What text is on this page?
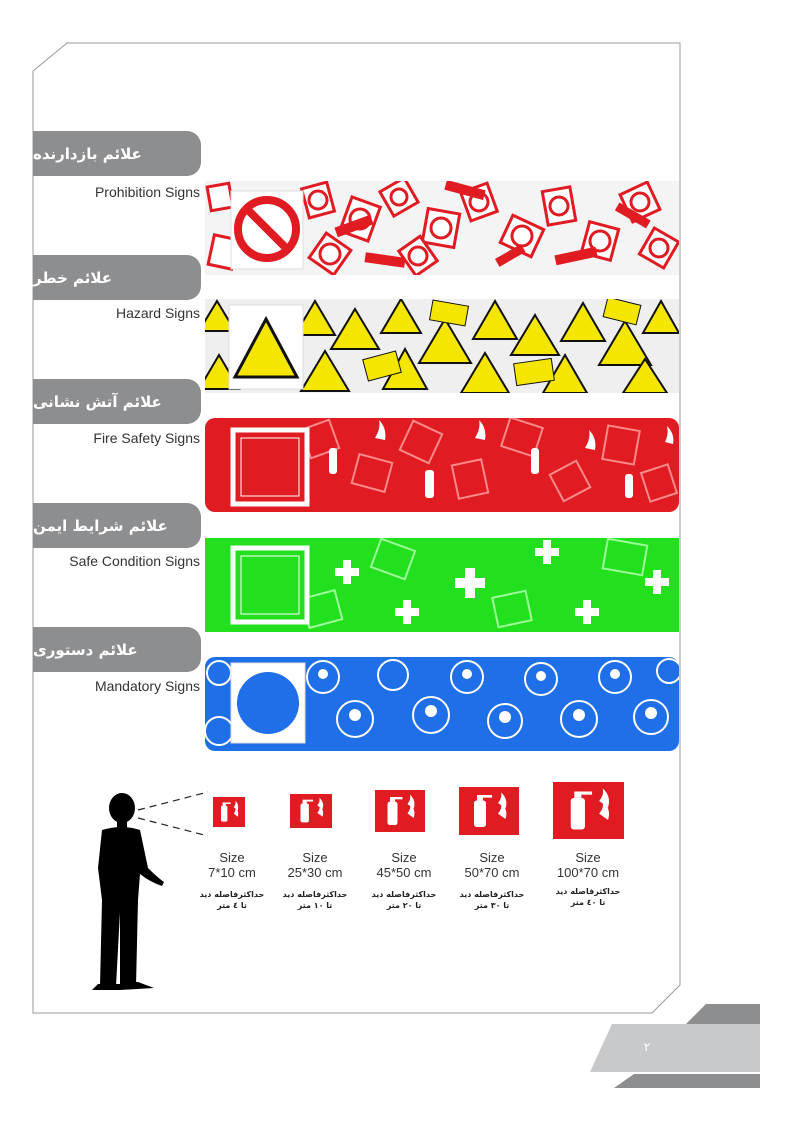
علائم بازدارنده
Prohibition Signs
علائم خطر
Hazard Signs
علائم آتش نشانی
Fire Safety Signs
علائم شرایط ایمن
Safe Condition Signs
علائم دستوری
Mandatory Signs
Size
7*10 cm
Size
25*30 cm
Size
45*50 cm
Size
50*70 cm
Size
100*70 cm
حداکثرفاصله دید
تا ٤ متر
حداکثرفاصله دید
تا ١٠ متر
حداکثرفاصله دید
تا ٢٠ متر
حداکثرفاصله دید
تا ٣٠ متر
حداکثرفاصله دید
تا ٤٠ متر
٢
